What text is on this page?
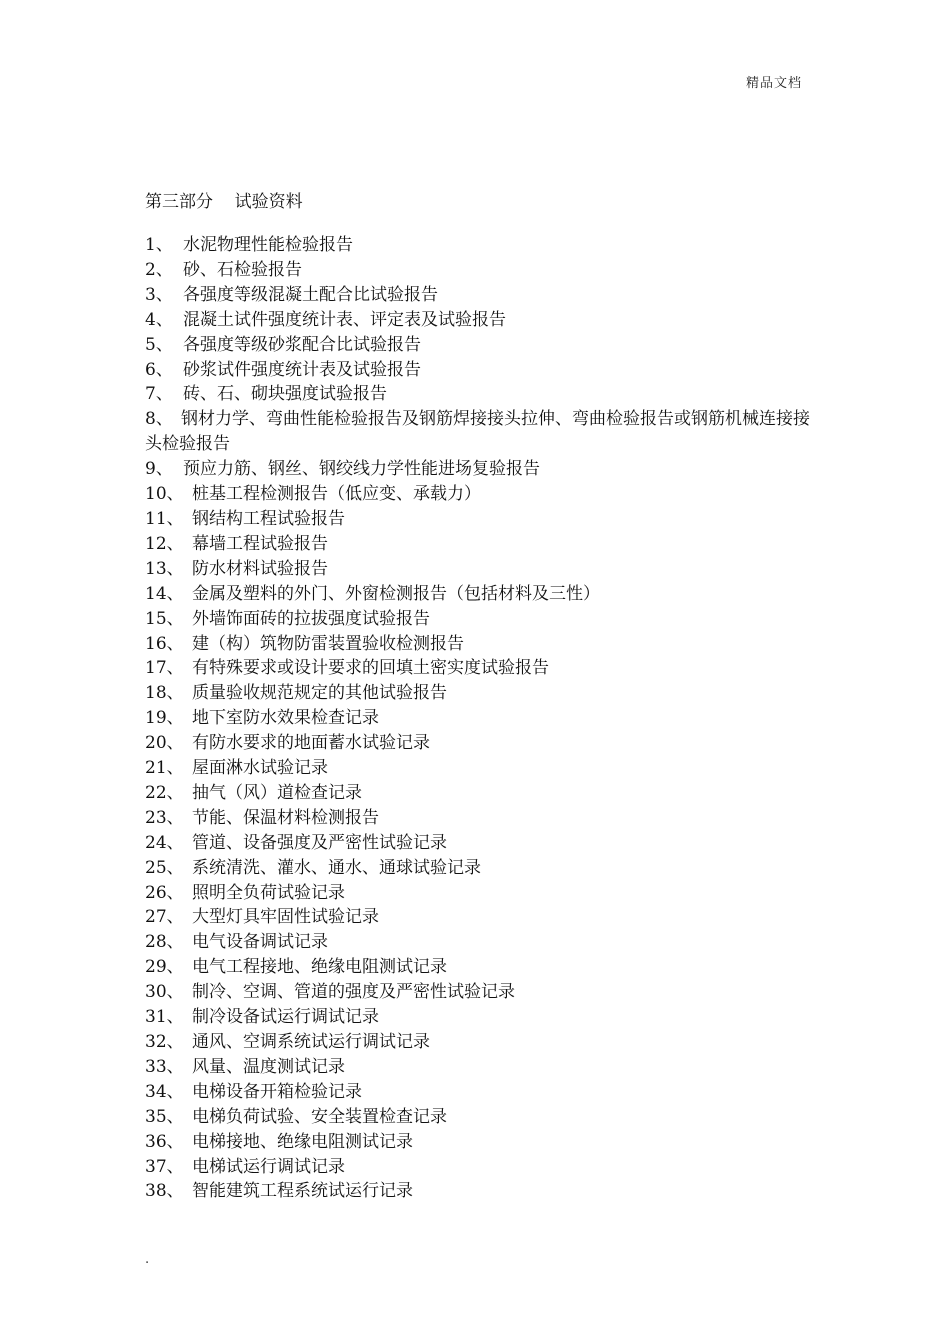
精品文档
第三部分    试验资料
1、 水泥物理性能检验报告
2、 砂、石检验报告
3、 各强度等级混凝土配合比试验报告
4、 混凝土试件强度统计表、评定表及试验报告
5、 各强度等级砂浆配合比试验报告
6、 砂浆试件强度统计表及试验报告
7、 砖、石、砌块强度试验报告
8、 钢材力学、弯曲性能检验报告及钢筋焊接接头拉伸、弯曲检验报告或钢筋机械连接接头检验报告
9、 预应力筋、钢丝、钢绞线力学性能进场复验报告
10、 桩基工程检测报告（低应变、承载力）
11、 钢结构工程试验报告
12、 幕墙工程试验报告
13、 防水材料试验报告
14、 金属及塑料的外门、外窗检测报告（包括材料及三性）
15、 外墙饰面砖的拉拔强度试验报告
16、 建（构）筑物防雷装置验收检测报告
17、 有特殊要求或设计要求的回填土密实度试验报告
18、 质量验收规范规定的其他试验报告
19、 地下室防水效果检查记录
20、 有防水要求的地面蓄水试验记录
21、 屋面淋水试验记录
22、 抽气（风）道检查记录
23、 节能、保温材料检测报告
24、 管道、设备强度及严密性试验记录
25、 系统清洗、灌水、通水、通球试验记录
26、 照明全负荷试验记录
27、 大型灯具牢固性试验记录
28、 电气设备调试记录
29、 电气工程接地、绝缘电阻测试记录
30、 制冷、空调、管道的强度及严密性试验记录
31、 制冷设备试运行调试记录
32、 通风、空调系统试运行调试记录
33、 风量、温度测试记录
34、 电梯设备开箱检验记录
35、 电梯负荷试验、安全装置检查记录
36、 电梯接地、绝缘电阻测试记录
37、 电梯试运行调试记录
38、 智能建筑工程系统试运行记录
.
